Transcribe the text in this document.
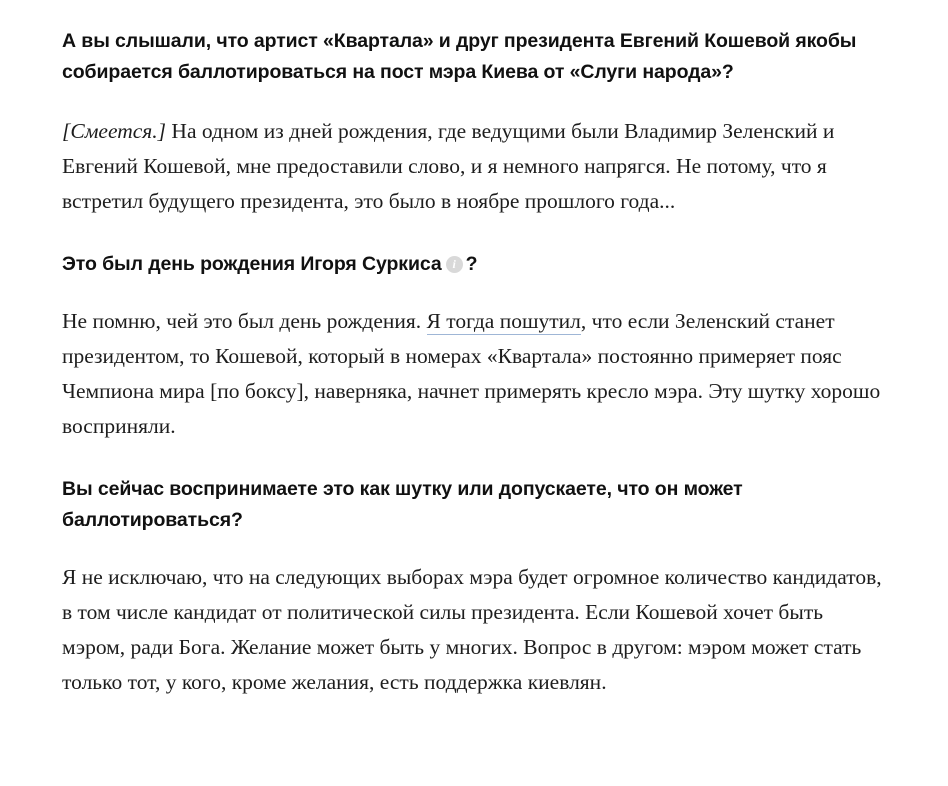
А вы слышали, что артист «Квартала» и друг президента Евгений Кошевой якобы собирается баллотироваться на пост мэра Киева от «Слуги народа»?

[Смеется.] На одном из дней рождения, где ведущими были Владимир Зеленский и Евгений Кошевой, мне предоставили слово, и я немного напрягся. Не потому, что я встретил будущего президента, это было в ноябре прошлого года...

Это был день рождения Игоря Суркиса i ?

Не помню, чей это был день рождения. Я тогда пошутил, что если Зеленский станет президентом, то Кошевой, который в номерах «Квартала» постоянно примеряет пояс Чемпиона мира [по боксу], наверняка, начнет примерять кресло мэра. Эту шутку хорошо восприняли.

Вы сейчас воспринимаете это как шутку или допускаете, что он может баллотироваться?

Я не исключаю, что на следующих выборах мэра будет огромное количество кандидатов, в том числе кандидат от политической силы президента. Если Кошевой хочет быть мэром, ради Бога. Желание может быть у многих. Вопрос в другом: мэром может стать только тот, у кого, кроме желания, есть поддержка киевлян.
